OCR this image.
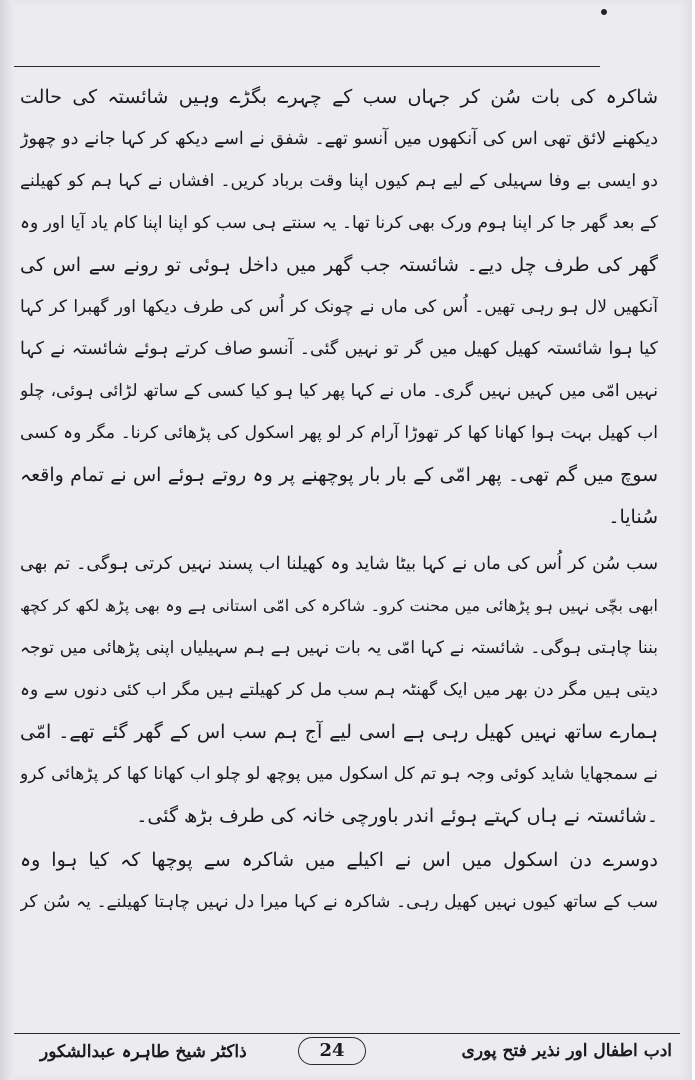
شاکرہ کی بات سُن کر جہاں سب کے چہرے بگڑے وہیں شائستہ کی حالت
دیکھنے لائق تھی اس کی آنکھوں میں آنسو تھے۔ شفق نے اسے دیکھ کر کہا جانے دو چھوڑ
دو ایسی بے وفا سہیلی کے لیے ہم کیوں اپنا وقت برباد کریں۔ افشاں نے کہا ہم کو کھیلنے
کے بعد گھر جا کر اپنا ہوم ورک بھی کرنا تھا۔ یہ سنتے ہی سب کو اپنا اپنا کام یاد آیا اور وہ
گھر کی طرف چل دیے۔ شائستہ جب گھر میں داخل ہوئی تو رونے سے اس کی
آنکھیں لال ہو رہی تھیں۔ اُس کی ماں نے چونک کر اُس کی طرف دیکھا اور گھبرا کر کہا
کیا ہوا شائستہ کھیل کھیل میں گر تو نہیں گئی۔ آنسو صاف کرتے ہوئے شائستہ نے کہا
نہیں امّی میں کہیں نہیں گری۔ ماں نے کہا پھر کیا ہو کیا کسی کے ساتھ لڑائی ہوئی، چلو
اب کھیل بہت ہوا کھانا کھا کر تھوڑا آرام کر لو پھر اسکول کی پڑھائی کرنا۔ مگر وہ کسی
سوچ میں گم تھی۔ پھر امّی کے بار بار پوچھنے پر وہ روتے ہوئے اس نے تمام واقعہ
سُنایا۔
سب سُن کر اُس کی ماں نے کہا بیٹا شاید وہ کھیلنا اب پسند نہیں کرتی ہوگی۔ تم بھی
ابھی بچّی نہیں ہو پڑھائی میں محنت کرو۔ شاکرہ کی امّی استانی ہے وہ بھی پڑھ لکھ کر کچھ
بننا چاہتی ہوگی۔ شائستہ نے کہا امّی یہ بات نہیں ہے ہم سہیلیاں اپنی پڑھائی میں توجہ
دیتی ہیں مگر دن بھر میں ایک گھنٹہ ہم سب مل کر کھیلتے ہیں مگر اب کئی دنوں سے وہ
ہمارے ساتھ نہیں کھیل رہی ہے اسی لیے آج ہم سب اس کے گھر گئے تھے۔ امّی
نے سمجھایا شاید کوئی وجہ ہو تم کل اسکول میں پوچھ لو چلو اب کھانا کھا کر پڑھائی کرو
۔شائستہ نے ہاں کہتے ہوئے اندر باورچی خانہ کی طرف بڑھ گئی۔
دوسرے دن اسکول میں اس نے اکیلے میں شاکرہ سے پوچھا کہ کیا ہوا وہ
سب کے ساتھ کیوں نہیں کھیل رہی۔ شاکرہ نے کہا میرا دل نہیں چاہتا کھیلنے۔ یہ سُن کر
ذاکٹر شیخ طاہرہ عبدالشکور	24	ادب اطفال اور نذیر فتح پوری
